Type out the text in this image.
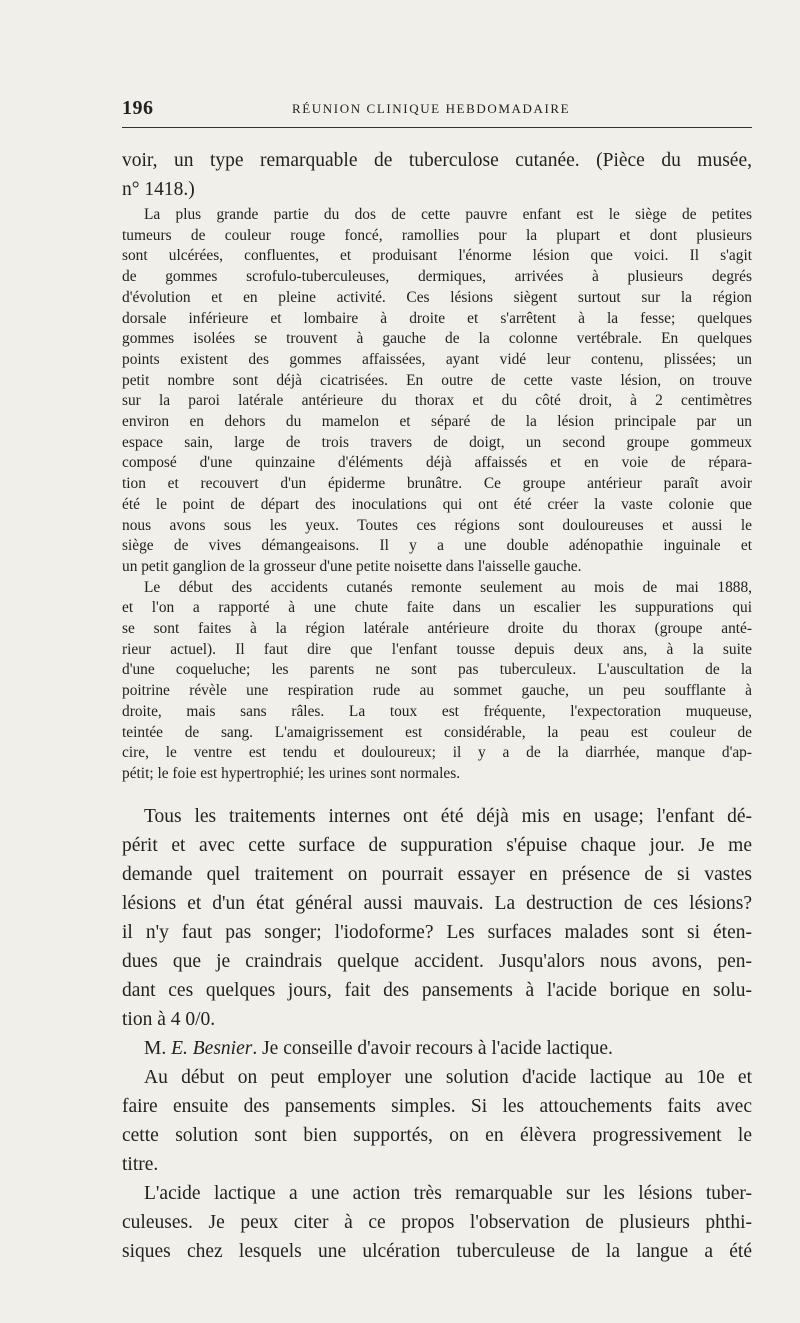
196	RÉUNION CLINIQUE HEBDOMADAIRE
voir, un type remarquable de tuberculose cutanée. (Pièce du musée,
n° 1418.)
La plus grande partie du dos de cette pauvre enfant est le siège de petites
tumeurs de couleur rouge foncé, ramollies pour la plupart et dont plusieurs
sont ulcérées, confluentes, et produisant l'énorme lésion que voici. Il s'agit
de gommes scrofulo-tuberculeuses, dermiques, arrivées à plusieurs degrés
d'évolution et en pleine activité. Ces lésions siègent surtout sur la région
dorsale inférieure et lombaire à droite et s'arrêtent à la fesse; quelques
gommes isolées se trouvent à gauche de la colonne vertébrale. En quelques
points existent des gommes affaissées, ayant vidé leur contenu, plissées; un
petit nombre sont déjà cicatrisées. En outre de cette vaste lésion, on trouve
sur la paroi latérale antérieure du thorax et du côté droit, à 2 centimètres
environ en dehors du mamelon et séparé de la lésion principale par un
espace sain, large de trois travers de doigt, un second groupe gommeux
composé d'une quinzaine d'éléments déjà affaissés et en voie de répara-
tion et recouvert d'un épiderme brunâtre. Ce groupe antérieur paraît avoir
été le point de départ des inoculations qui ont été créer la vaste colonie que
nous avons sous les yeux. Toutes ces régions sont douloureuses et aussi le
siège de vives démangeaisons. Il y a une double adénopathie inguinale et
un petit ganglion de la grosseur d'une petite noisette dans l'aisselle gauche.
Le début des accidents cutanés remonte seulement au mois de mai 1888,
et l'on a rapporté à une chute faite dans un escalier les suppurations qui
se sont faites à la région latérale antérieure droite du thorax (groupe anté-
rieur actuel). Il faut dire que l'enfant tousse depuis deux ans, à la suite
d'une coqueluche; les parents ne sont pas tuberculeux. L'auscultation de la
poitrine révèle une respiration rude au sommet gauche, un peu soufflante à
droite, mais sans râles. La toux est fréquente, l'expectoration muqueuse,
teintée de sang. L'amaigrissement est considérable, la peau est couleur de
cire, le ventre est tendu et douloureux; il y a de la diarrhée, manque d'ap-
pétit; le foie est hypertrophié; les urines sont normales.
Tous les traitements internes ont été déjà mis en usage; l'enfant dé-
périt et avec cette surface de suppuration s'épuise chaque jour. Je me
demande quel traitement on pourrait essayer en présence de si vastes
lésions et d'un état général aussi mauvais. La destruction de ces lésions?
il n'y faut pas songer; l'iodoforme? Les surfaces malades sont si éten-
dues que je craindrais quelque accident. Jusqu'alors nous avons, pen-
dant ces quelques jours, fait des pansements à l'acide borique en solu-
tion à 4 0/0.
M. E. Besnier. Je conseille d'avoir recours à l'acide lactique.
Au début on peut employer une solution d'acide lactique au 10e et
faire ensuite des pansements simples. Si les attouchements faits avec
cette solution sont bien supportés, on en élèvera progressivement le
titre.
L'acide lactique a une action très remarquable sur les lésions tuber-
culeuses. Je peux citer à ce propos l'observation de plusieurs phthi-
siques chez lesquels une ulcération tuberculeuse de la langue a été
